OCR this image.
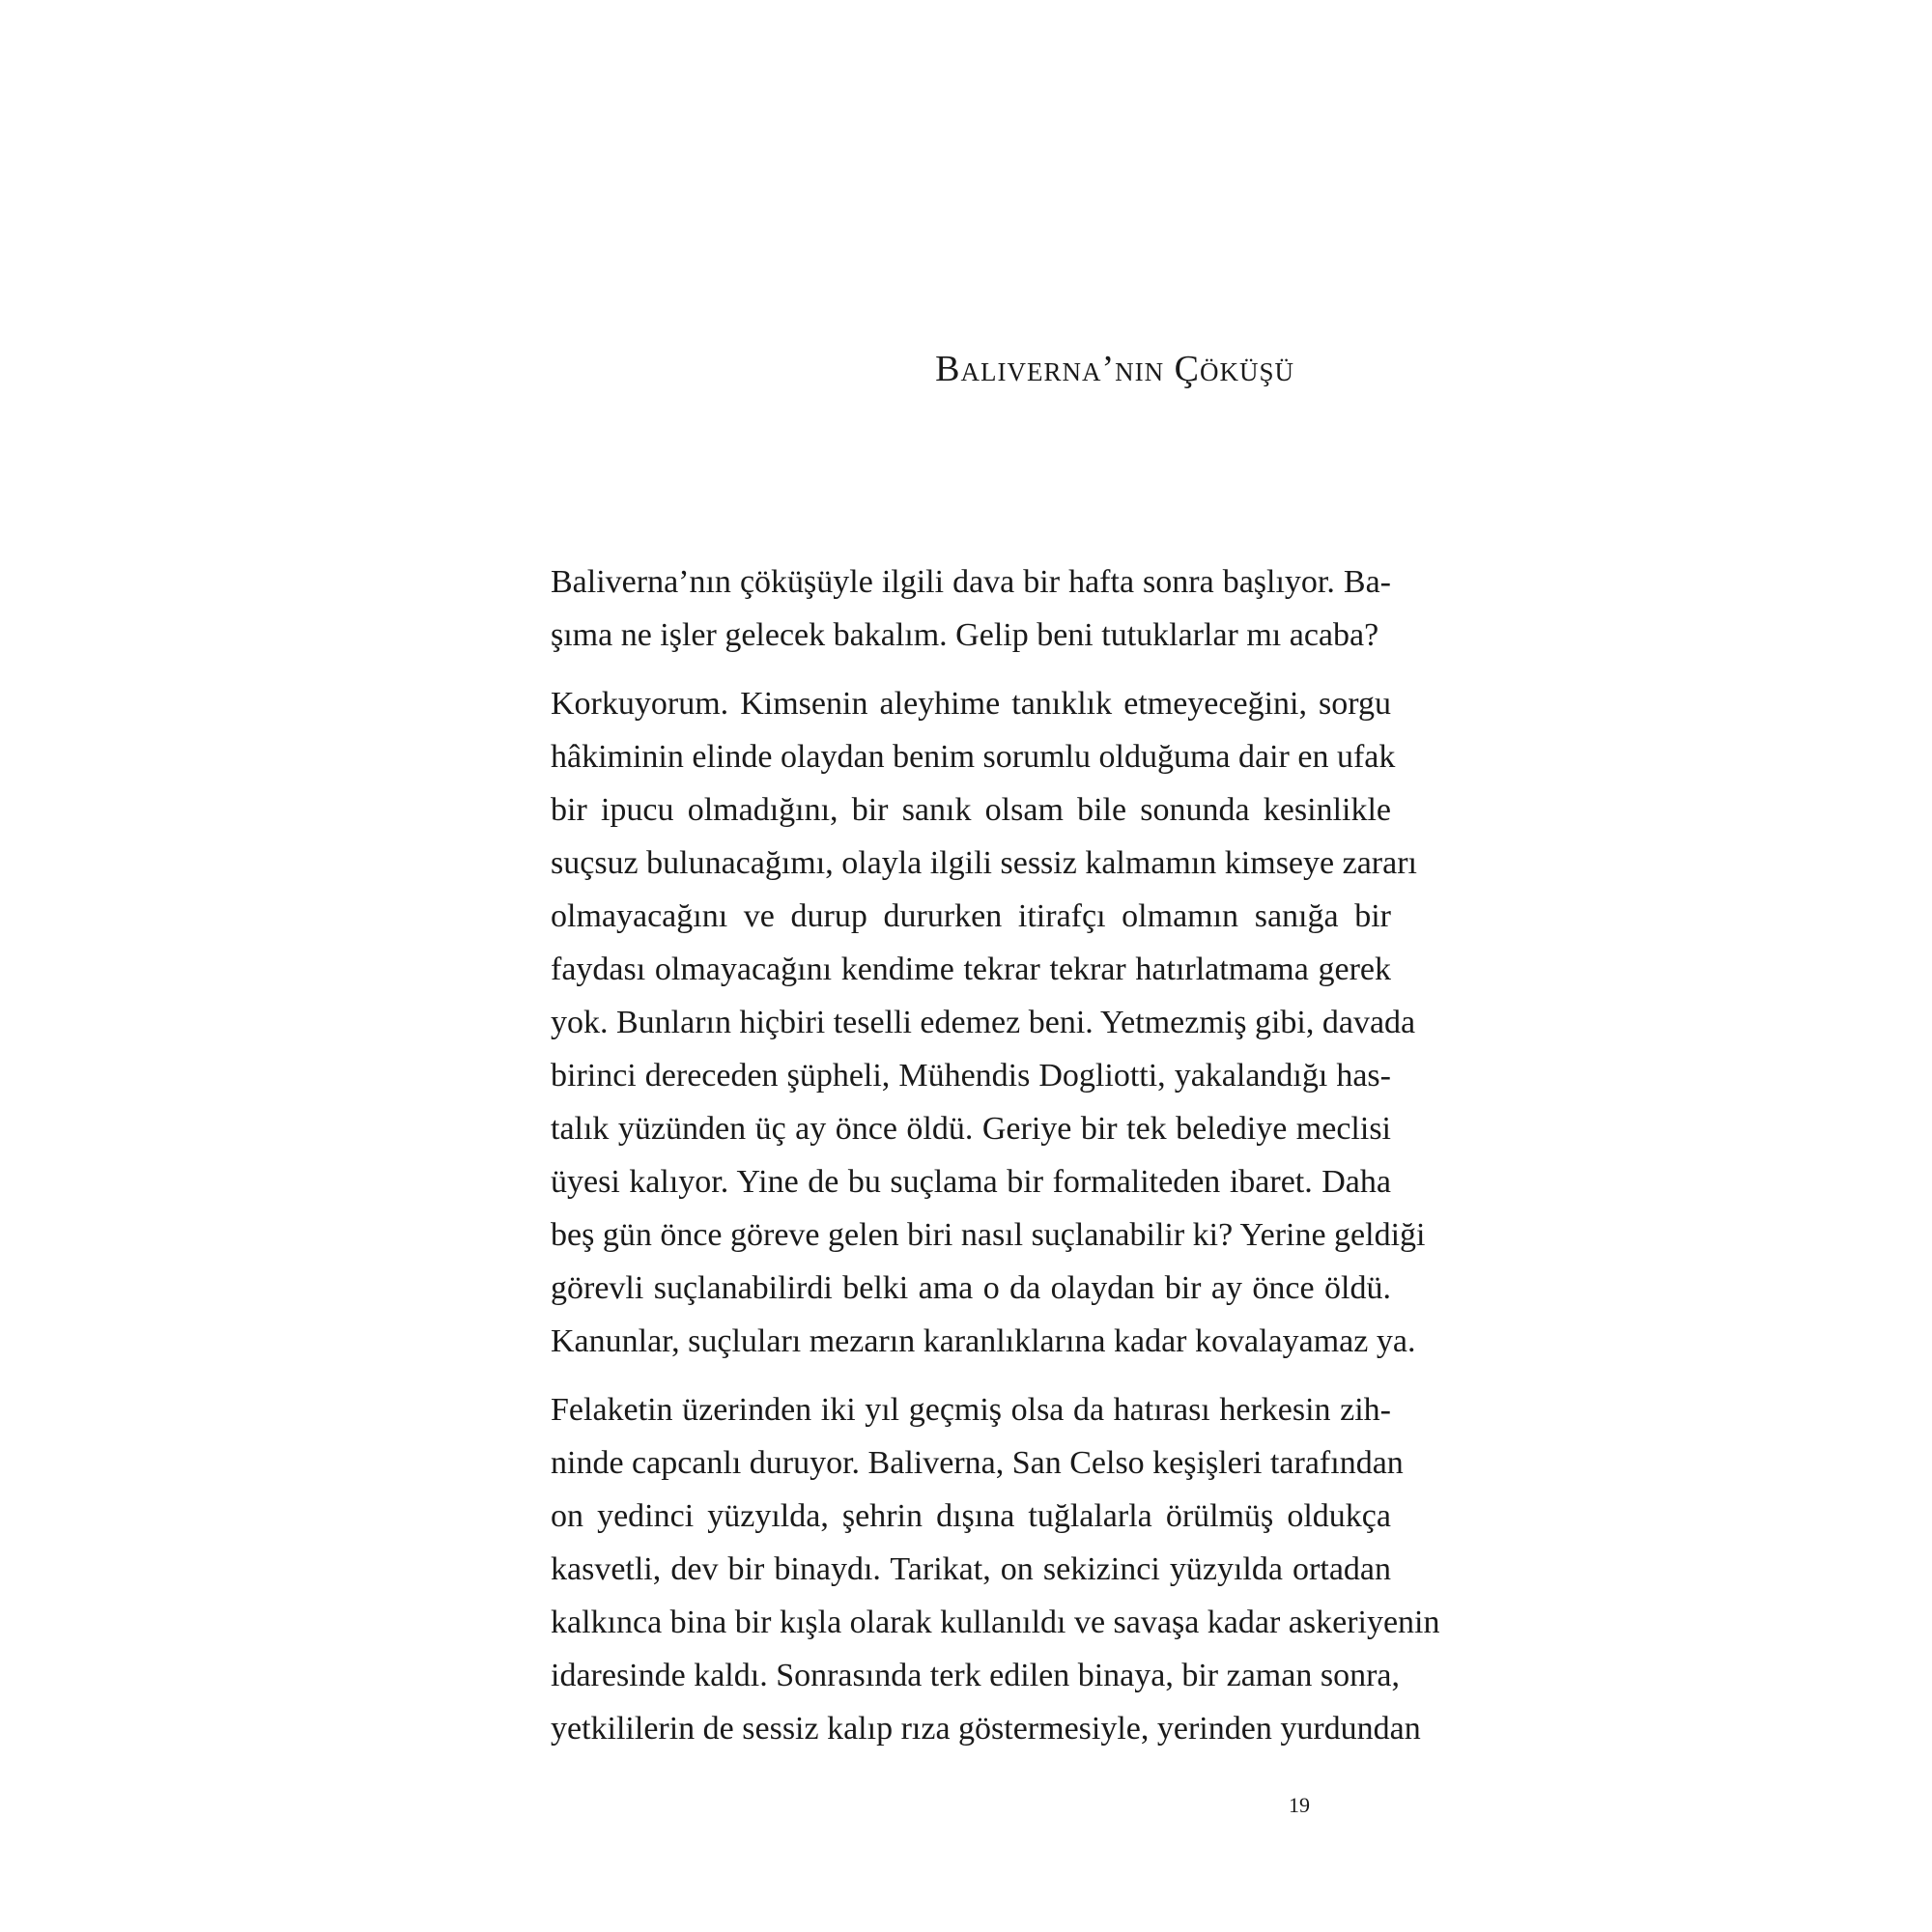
Baliverna’nın Çöküşü
Baliverna’nın çöküşüyle ilgili dava bir hafta sonra başlıyor. Ba-
şıma ne işler gelecek bakalım. Gelip beni tutuklarlar mı acaba?
Korkuyorum. Kimsenin aleyhime tanıklık etmeyeceğini, sorgu
hâkiminin elinde olaydan benim sorumlu olduğuma dair en ufak
bir ipucu olmadığını, bir sanık olsam bile sonunda kesinlikle
suçsuz bulunacağımı, olayla ilgili sessiz kalmamın kimseye zararı
olmayacağını ve durup dururken itirafçı olmamın sanığa bir
faydası olmayacağını kendime tekrar tekrar hatırlatmama gerek
yok. Bunların hiçbiri teselli edemez beni. Yetmezmiş gibi, davada
birinci dereceden şüpheli, Mühendis Dogliotti, yakalandığı has-
talık yüzünden üç ay önce öldü. Geriye bir tek belediye meclisi
üyesi kalıyor. Yine de bu suçlama bir formaliteden ibaret. Daha
beş gün önce göreve gelen biri nasıl suçlanabilir ki? Yerine geldiği
görevli suçlanabilirdi belki ama o da olaydan bir ay önce öldü.
Kanunlar, suçluları mezarın karanlıklarına kadar kovalayamaz ya.
Felaketin üzerinden iki yıl geçmiş olsa da hatırası herkesin zih-
ninde capcanlı duruyor. Baliverna, San Celso keşişleri tarafından
on yedinci yüzyılda, şehrin dışına tuğlalarla örülmüş oldukça
kasvetli, dev bir binaydı. Tarikat, on sekizinci yüzyılda ortadan
kalkınca bina bir kışla olarak kullanıldı ve savaşa kadar askeriyenin
idaresinde kaldı. Sonrasında terk edilen binaya, bir zaman sonra,
yetkililerin de sessiz kalıp rıza göstermesiyle, yerinden yurdundan
19
